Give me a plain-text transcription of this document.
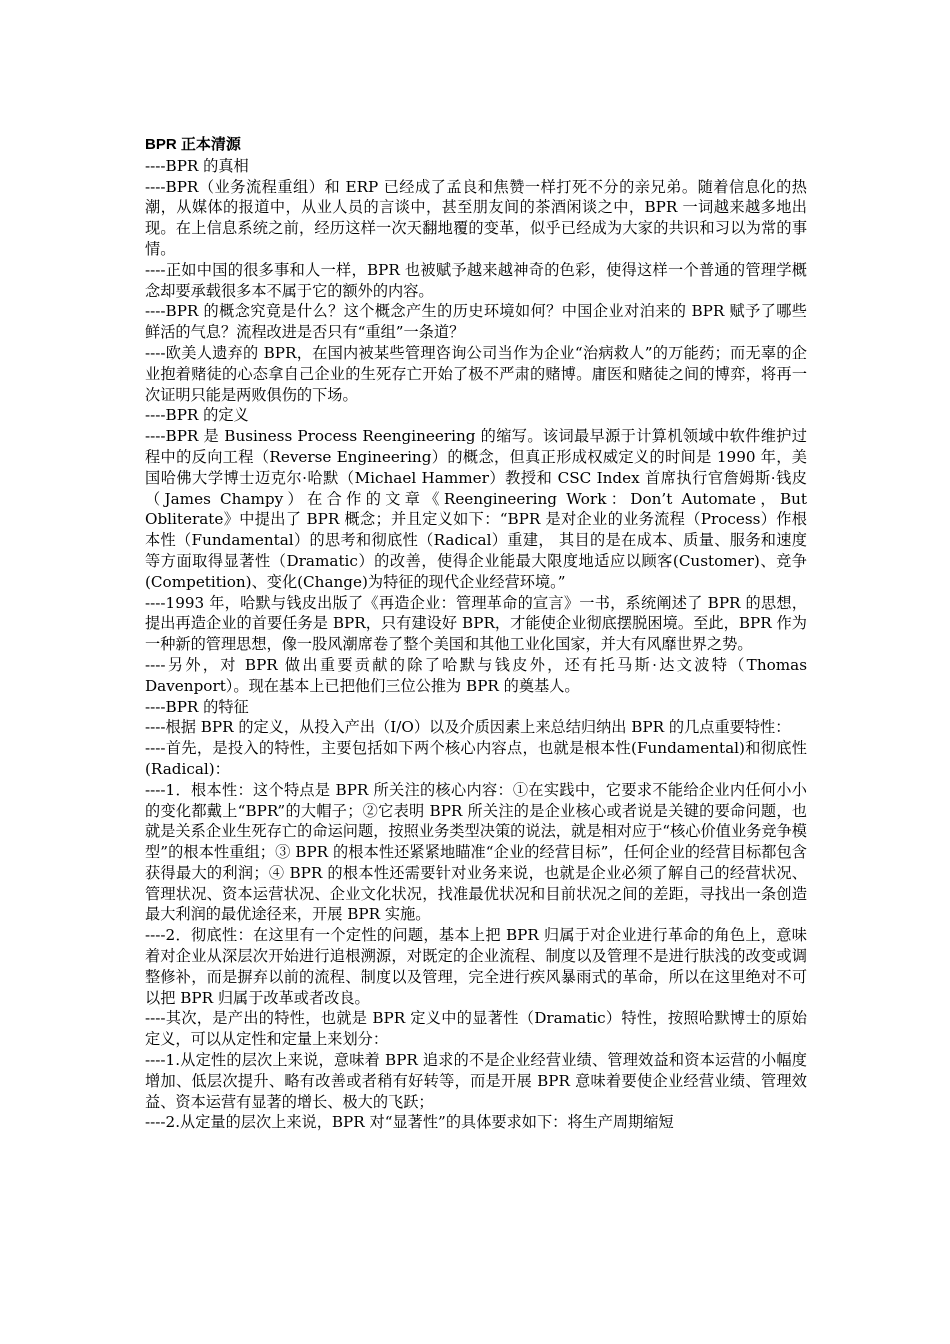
BPR 正本清源

----BPR 的真相

----BPR（业务流程重组）和 ERP 已经成了孟良和焦赞一样打死不分的亲兄弟。随着信息化的热潮，从媒体的报道中，从业人员的言谈中，甚至朋友间的茶酒闲谈之中，BPR 一词越来越多地出现。在上信息系统之前，经历这样一次天翻地覆的变革，似乎已经成为大家的共识和习以为常的事情。

----正如中国的很多事和人一样，BPR 也被赋予越来越神奇的色彩，使得这样一个普通的管理学概念却要承载很多本不属于它的额外的内容。

----BPR 的概念究竟是什么？这个概念产生的历史环境如何？中国企业对泊来的 BPR 赋予了哪些鲜活的气息？流程改进是否只有“重组”一条道？

----欧美人遗弃的 BPR，在国内被某些管理咨询公司当作为企业“治病救人”的万能药；而无辜的企业抱着赌徒的心态拿自己企业的生死存亡开始了极不严肃的赌博。庸医和赌徒之间的博弈，将再一次证明只能是两败俱伤的下场。

----BPR 的定义

----BPR 是 Business Process Reengineering 的缩写。该词最早源于计算机领域中软件维护过程中的反向工程（Reverse Engineering）的概念，但真正形成权威定义的时间是 1990 年，美国哈佛大学博士迈克尔·哈默（Michael Hammer）教授和 CSC Index 首席执行官詹姆斯·钱皮（James Champy）在合作的文章《Reengineering Work：Don’t Automate，But Obliterate》中提出了 BPR 概念；并且定义如下：“BPR 是对企业的业务流程（Process）作根本性（Fundamental）的思考和彻底性（Radical）重建， 其目的是在成本、质量、服务和速度等方面取得显著性（Dramatic）的改善，使得企业能最大限度地适应以顾客(Customer)、竞争(Competition)、变化(Change)为特征的现代企业经营环境。”

----1993 年，哈默与钱皮出版了《再造企业：管理革命的宣言》一书，系统阐述了 BPR 的思想，提出再造企业的首要任务是 BPR，只有建设好 BPR，才能使企业彻底摆脱困境。至此，BPR 作为一种新的管理思想，像一股风潮席卷了整个美国和其他工业化国家，并大有风靡世界之势。

----另外，对 BPR 做出重要贡献的除了哈默与钱皮外，还有托马斯·达文波特（Thomas Davenport）。现在基本上已把他们三位公推为 BPR 的奠基人。

----BPR 的特征

----根据 BPR 的定义，从投入产出（I/O）以及介质因素上来总结归纳出 BPR 的几点重要特性：

----首先，是投入的特性，主要包括如下两个核心内容点，也就是根本性(Fundamental)和彻底性 (Radical)：

----1．根本性：这个特点是 BPR 所关注的核心内容：①在实践中，它要求不能给企业内任何小小的变化都戴上“BPR”的大帽子；②它表明 BPR 所关注的是企业核心或者说是关键的要命问题，也就是关系企业生死存亡的命运问题，按照业务类型决策的说法，就是相对应于“核心价值业务竞争模型”的根本性重组；③ BPR 的根本性还紧紧地瞄准“企业的经营目标”，任何企业的经营目标都包含获得最大的利润；④ BPR 的根本性还需要针对业务来说，也就是企业必须了解自己的经营状况、管理状况、资本运营状况、企业文化状况，找准最优状况和目前状况之间的差距，寻找出一条创造最大利润的最优途径来，开展 BPR 实施。

----2．彻底性：在这里有一个定性的问题，基本上把 BPR 归属于对企业进行革命的角色上，意味着对企业从深层次开始进行追根溯源，对既定的企业流程、制度以及管理不是进行肤浅的改变或调整修补，而是摒弃以前的流程、制度以及管理，完全进行疾风暴雨式的革命，所以在这里绝对不可以把 BPR 归属于改革或者改良。

----其次，是产出的特性，也就是 BPR 定义中的显著性（Dramatic）特性，按照哈默博士的原始定义，可以从定性和定量上来划分：

----1.从定性的层次上来说，意味着 BPR 追求的不是企业经营业绩、管理效益和资本运营的小幅度增加、低层次提升、略有改善或者稍有好转等，而是开展 BPR 意味着要使企业经营业绩、管理效益、资本运营有显著的增长、极大的飞跃；

----2.从定量的层次上来说，BPR 对“显著性”的具体要求如下：将生产周期缩短
